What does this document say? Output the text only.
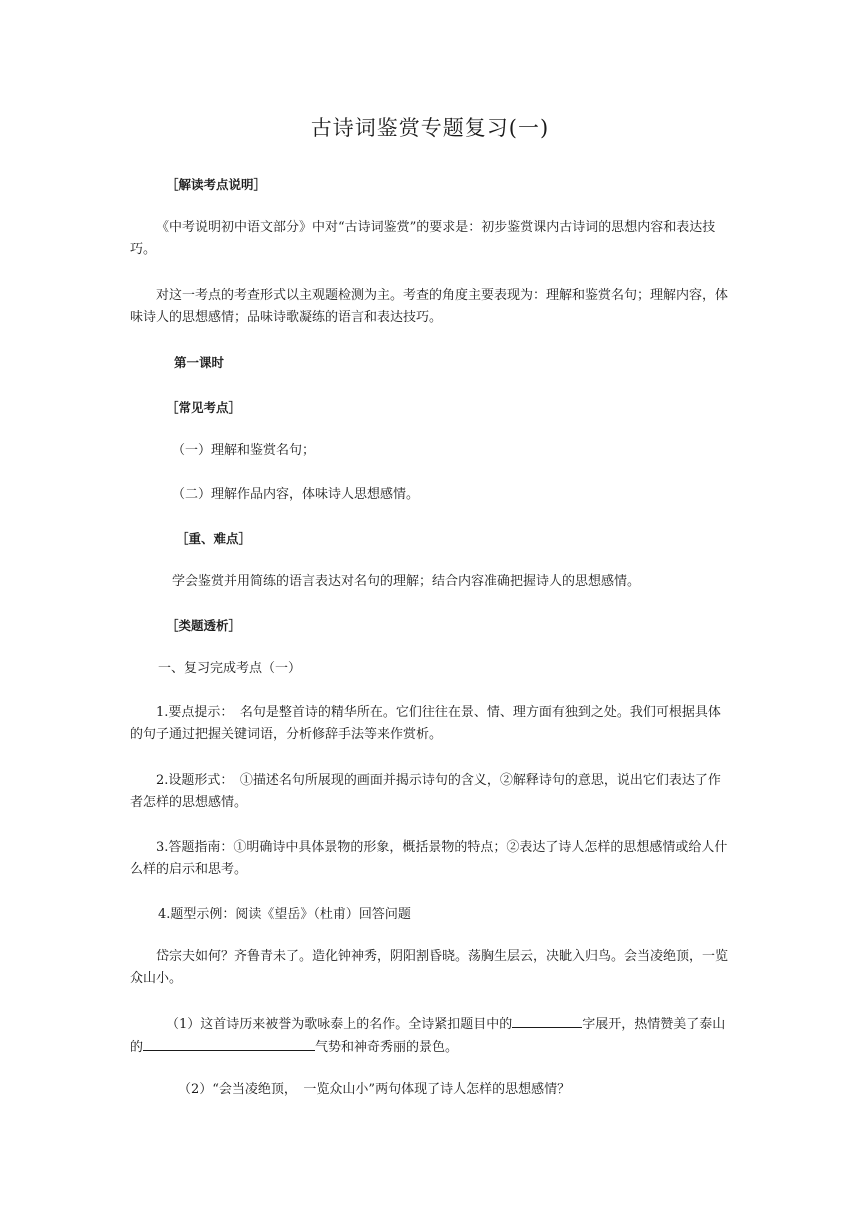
古诗词鉴赏专题复习(一)
［解读考点说明］
《中考说明初中语文部分》中对“古诗词鉴赏”的要求是：初步鉴赏课内古诗词的思想内容和表达技巧。
对这一考点的考查形式以主观题检测为主。考查的角度主要表现为：理解和鉴赏名句；理解内容，体味诗人的思想感情；品味诗歌凝练的语言和表达技巧。
第一课时
［常见考点］
（一）理解和鉴赏名句；
（二）理解作品内容，体味诗人思想感情。
［重、难点］
学会鉴赏并用简练的语言表达对名句的理解；结合内容准确把握诗人的思想感情。
［类题透析］
一、复习完成考点（一）
1.要点提示：　名句是整首诗的精华所在。它们往往在景、情、理方面有独到之处。我们可根据具体的句子通过把握关键词语，分析修辞手法等来作赏析。
2.设题形式：　①描述名句所展现的画面并揭示诗句的含义，②解释诗句的意思，说出它们表达了作者怎样的思想感情。
3.答题指南：①明确诗中具体景物的形象，概括景物的特点；②表达了诗人怎样的思想感情或给人什么样的启示和思考。
4.题型示例：阅读《望岳》（杜甫）回答问题
岱宗夫如何？齐鲁青未了。造化钟神秀，阴阳割昏晓。荡胸生层云，决眦入归鸟。会当凌绝顶，一览众山小。
（1）这首诗历来被誉为歌咏泰上的名作。全诗紧扣题目中的	字展开，热情赞美了泰山
的	气势和神奇秀丽的景色。
（2）“会当凌绝顶，　一览众山小”两句体现了诗人怎样的思想感情？
